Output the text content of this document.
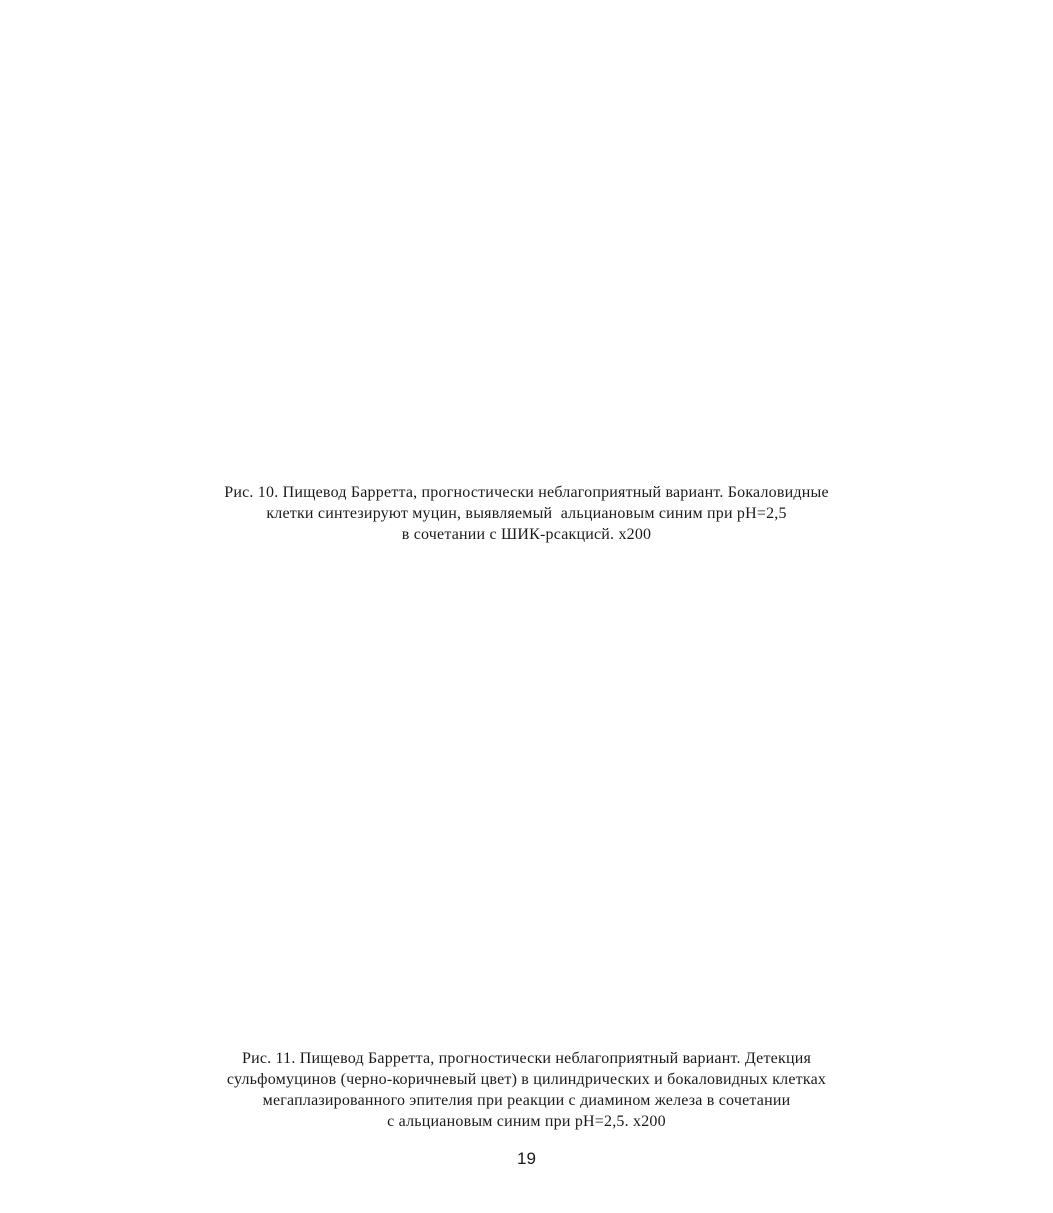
Рис. 10. Пищевод Барретта, прогностически неблагоприятный вариант. Бокаловидные
клетки синтезируют муцин, выявляемый  альциановым синим при pH=2,5
в сочетании с ШИК-рсакцисй. х200
Рис. 11. Пищевод Барретта, прогностически неблагоприятный вариант. Детекция
сульфомуцинов (черно-коричневый цвет) в цилиндрических и бокаловидных клетках
мегаплазированного эпителия при реакции с диамином железа в сочетании
с альциановым синим при pH=2,5. х200
19
